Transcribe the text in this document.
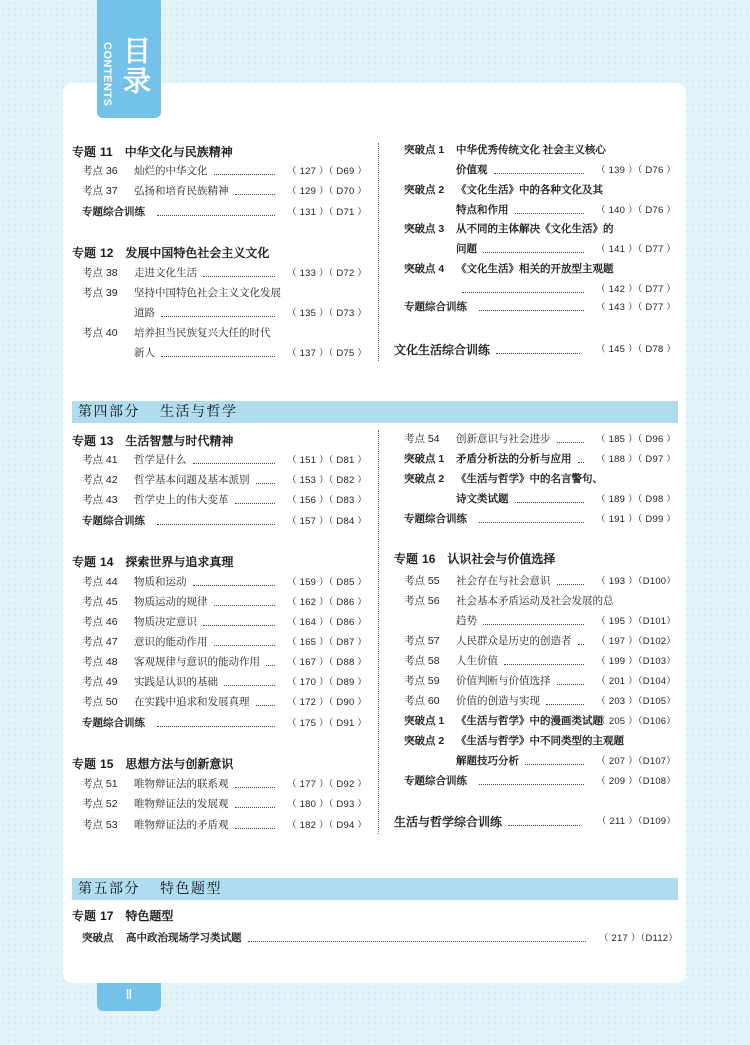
CONTENTS 目录
第四部分 生活与哲学
第五部分 特色题型
专题 11 中华文化与民族精神
考点 36 灿烂的中华文化	（ 127 ）（ D69 ）
考点 37 弘扬和培育民族精神	（ 129 ）（ D70 ）
专题综合训练	（ 131 ）（ D71 ）
专题 12 发展中国特色社会主义文化
考点 38 走进文化生活	（ 133 ）（ D72 ）
考点 39 坚持中国特色社会主义文化发展
道路	（ 135 ）（ D73 ）
考点 40 培养担当民族复兴大任的时代
新人	（ 137 ）（ D75 ）
突破点 1 中华优秀传统文化 社会主义核心
价值观	（ 139 ）（ D76 ）
突破点 2 《文化生活》中的各种文化及其
特点和作用	（ 140 ）（ D76 ）
突破点 3 从不同的主体解决《文化生活》的
问题	（ 141 ）（ D77 ）
突破点 4 《文化生活》相关的开放型主观题
（ 142 ）（ D77 ）
专题综合训练	（ 143 ）（ D77 ）
文化生活综合训练	（ 145 ）（ D78 ）
专题 13 生活智慧与时代精神
考点 41 哲学是什么	（ 151 ）（ D81 ）
考点 42 哲学基本问题及基本派别	（ 153 ）（ D82 ）
考点 43 哲学史上的伟大变革	（ 156 ）（ D83 ）
专题综合训练	（ 157 ）（ D84 ）
专题 14 探索世界与追求真理
考点 44 物质和运动	（ 159 ）（ D85 ）
考点 45 物质运动的规律	（ 162 ）（ D86 ）
考点 46 物质决定意识	（ 164 ）（ D86 ）
考点 47 意识的能动作用	（ 165 ）（ D87 ）
考点 48 客观规律与意识的能动作用	（ 167 ）（ D88 ）
考点 49 实践是认识的基础	（ 170 ）（ D89 ）
考点 50 在实践中追求和发展真理	（ 172 ）（ D90 ）
专题综合训练	（ 175 ）（ D91 ）
专题 15 思想方法与创新意识
考点 51 唯物辩证法的联系观	（ 177 ）（ D92 ）
考点 52 唯物辩证法的发展观	（ 180 ）（ D93 ）
考点 53 唯物辩证法的矛盾观	（ 182 ）（ D94 ）
考点 54 创新意识与社会进步	（ 185 ）（ D96 ）
突破点 1 矛盾分析法的分析与应用	（ 188 ）（ D97 ）
突破点 2 《生活与哲学》中的名言警句、
诗文类试题	（ 189 ）（ D98 ）
专题综合训练	（ 191 ）（ D99 ）
专题 16 认识社会与价值选择
考点 55 社会存在与社会意识	（ 193 ）（D100）
考点 56 社会基本矛盾运动及社会发展的总
趋势	（ 195 ）（D101）
考点 57 人民群众是历史的创造者	（ 197 ）（D102）
考点 58 人生价值	（ 199 ）（D103）
考点 59 价值判断与价值选择	（ 201 ）（D104）
考点 60 价值的创造与实现	（ 203 ）（D105）
突破点 1 《生活与哲学》中的漫画类试题
（ 205 ）（D106）
突破点 2 《生活与哲学》中不同类型的主观题
解题技巧分析	（ 207 ）（D107）
专题综合训练	（ 209 ）（D108）
生活与哲学综合训练	（ 211 ）（D109）
专题 17 特色题型
突破点 高中政治现场学习类试题	（ 217 ）（D112）
Ⅱ
